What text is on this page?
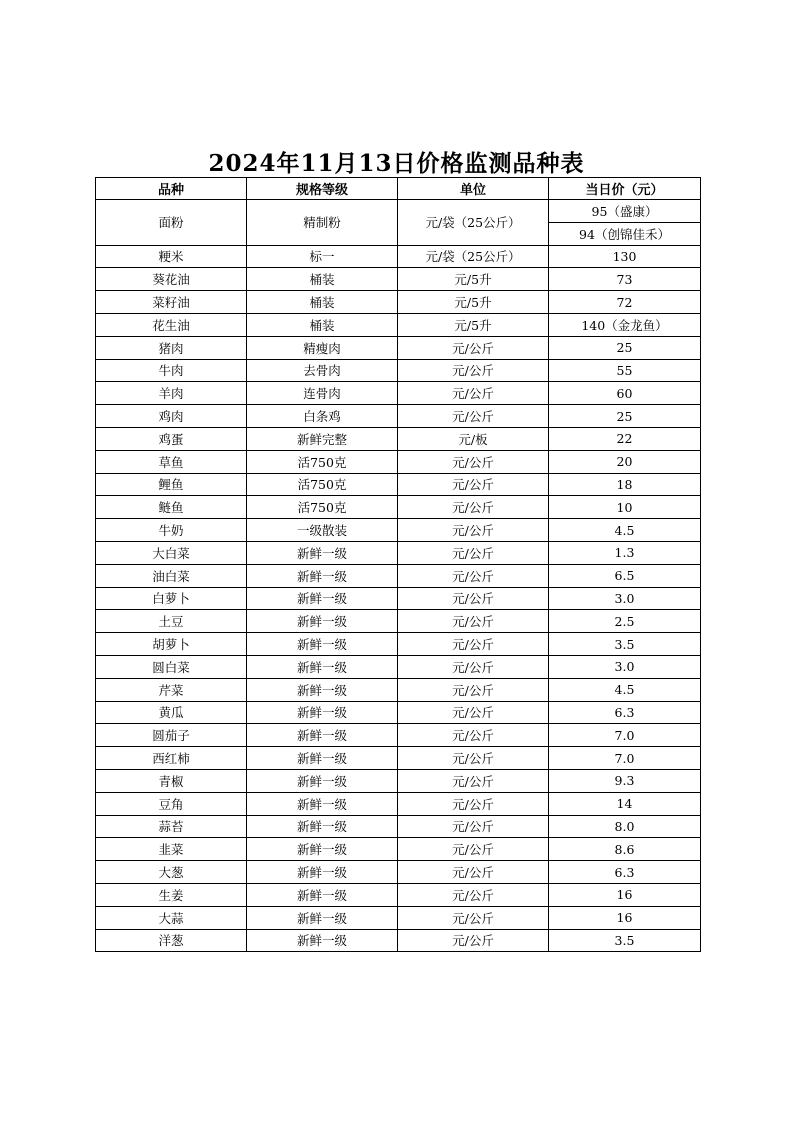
2024年11月13日价格监测品种表
品种	规格等级	单位	当日价（元）
面粉	精制粉	元/袋（25公斤）	95（盛康）
			94（创锦佳禾）
粳米	标一	元/袋（25公斤）	130
葵花油	桶装	元/5升	73
菜籽油	桶装	元/5升	72
花生油	桶装	元/5升	140（金龙鱼）
猪肉	精瘦肉	元/公斤	25
牛肉	去骨肉	元/公斤	55
羊肉	连骨肉	元/公斤	60
鸡肉	白条鸡	元/公斤	25
鸡蛋	新鲜完整	元/板	22
草鱼	活750克	元/公斤	20
鲤鱼	活750克	元/公斤	18
鲢鱼	活750克	元/公斤	10
牛奶	一级散装	元/公斤	4.5
大白菜	新鲜一级	元/公斤	1.3
油白菜	新鲜一级	元/公斤	6.5
白萝卜	新鲜一级	元/公斤	3.0
土豆	新鲜一级	元/公斤	2.5
胡萝卜	新鲜一级	元/公斤	3.5
圆白菜	新鲜一级	元/公斤	3.0
芹菜	新鲜一级	元/公斤	4.5
黄瓜	新鲜一级	元/公斤	6.3
圆茄子	新鲜一级	元/公斤	7.0
西红柿	新鲜一级	元/公斤	7.0
青椒	新鲜一级	元/公斤	9.3
豆角	新鲜一级	元/公斤	14
蒜苔	新鲜一级	元/公斤	8.0
韭菜	新鲜一级	元/公斤	8.6
大葱	新鲜一级	元/公斤	6.3
生姜	新鲜一级	元/公斤	16
大蒜	新鲜一级	元/公斤	16
洋葱	新鲜一级	元/公斤	3.5
